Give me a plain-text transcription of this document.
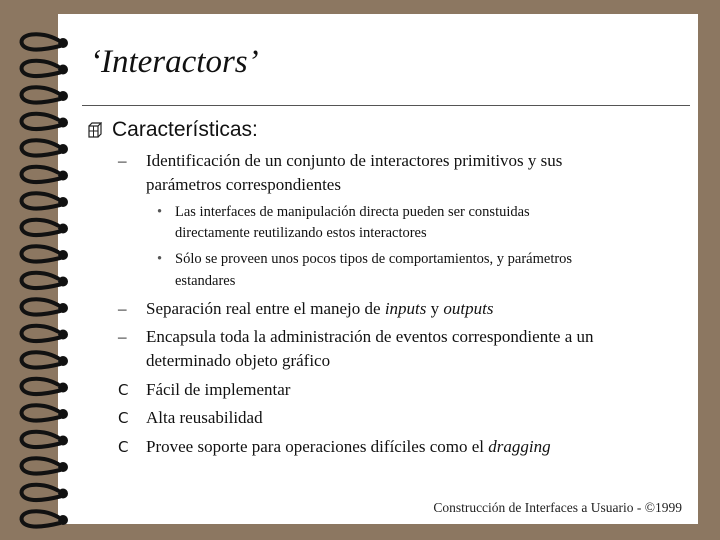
‘Interactors’
Características:
– Identificación de un conjunto de interactores primitivos y sus
parámetros correspondientes
• Las interfaces de manipulación directa pueden ser constuidas
directamente reutilizando estos interactores
• Sólo se proveen unos pocos tipos de comportamientos, y parámetros
estandares
– Separación real entre el manejo de inputs y outputs
– Encapsula toda la administración de eventos correspondiente a un
determinado objeto gráfico
C Fácil de implementar
C Alta reusabilidad
C Provee soporte para operaciones difíciles como el dragging
Construcción de Interfaces a Usuario - ©1999
